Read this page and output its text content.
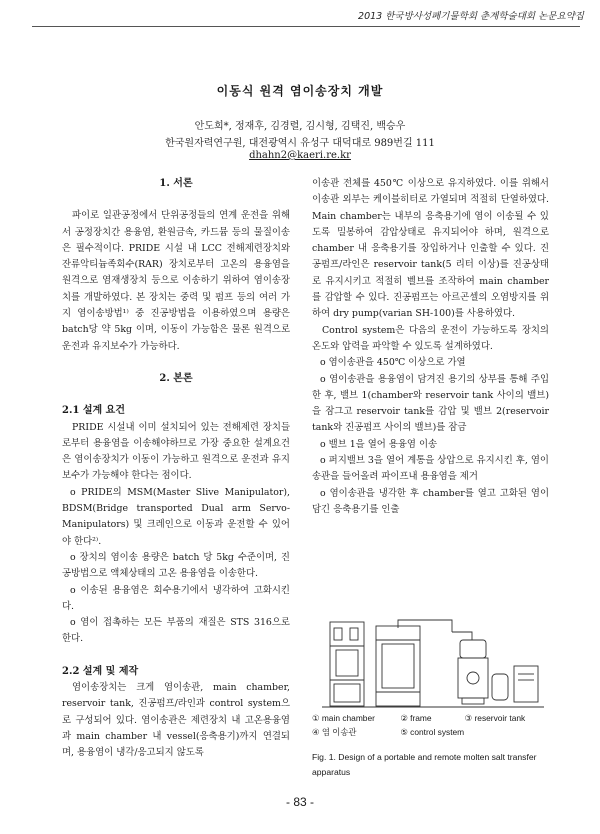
2013 한국방사성폐기물학회 춘계학술대회 논문요약집
이동식 원격 염이송장치 개발
안도희*, 정재후, 김경렬, 김시형, 김택진, 백승우
한국원자력연구원, 대전광역시 유성구 대덕대로 989번길 111
dhahn2@kaeri.re.kr
1. 서론

파이로 일관공정에서 단위공정들의 연계 운전을 위해서 공정장치간 용융염, 환원금속, 카드뮴 등의 물질이송은 필수적이다. PRIDE 시설 내 LCC 전해제련장치와 잔류악티늄족회수(RAR) 장치로부터 고온의 용융염을 원격으로 염재생장치 등으로 이송하기 위하여 염이송장치를 개발하였다. 본 장치는 중력 및 펌프 등의 여러 가지 염이송방법¹⁾ 중 진공방법을 이용하였으며 용량은 batch당 약 5kg 이며, 이동이 가능함은 물론 원격으로 운전과 유지보수가 가능하다.

2. 본론
2.1 설계 요건

PRIDE 시설내 이미 설치되어 있는 전해제련 장치들로부터 용융염을 이송해야하므로 가장 중요한 설계요건은 염이송장치가 이동이 가능하고 원격으로 운전과 유지보수가 가능해야 한다는 점이다.

o PRIDE의 MSM(Master Slive Manipulator), BDSM(Bridge transported Dual arm Servo-Manipulators) 및 크레인으로 이동과 운전할 수 있어야 한다²⁾.

o 장치의 염이송 용량은 batch 당 5kg 수준이며, 진공방법으로 액체상태의 고온 용융염을 이송한다.

o 이송된 용융염은 회수용기에서 냉각하여 고화시킨다.

o 염이 접촉하는 모든 부품의 재질은 STS 316으로 한다.

2.2 설계 및 제작

염이송장치는 크게 염이송관, main chamber, reservoir tank, 진공펌프/라인과 control system으로 구성되어 있다. 염이송관은 제련장치 내 고온용융염과 main chamber 내 vessel(응축용기)까지 연결되며, 용융염이 냉각/응고되지 않도록

이송관 전체를 450℃ 이상으로 유지하였다. 이를 위해서 이송관 외부는 케이블히터로 가열되며 적절히 단열하였다. Main chamber는 내부의 응축용기에 염이 이송될 수 있도록 밀봉하여 감압상태로 유지되어야 하며, 원격으로 chamber 내 응축용기를 장입하거나 인출할 수 있다. 진공펌프/라인은 reservoir tank(5 리터 이상)를 진공상태로 유지시키고 적절히 벨브를 조작하여 main chamber를 감압할 수 있다. 진공펌프는 아르곤셀의 오염방지를 위하여 dry pump(varian SH-100)를 사용하였다.

Control system은 다음의 운전이 가능하도록 장치의 온도와 압력을 파악할 수 있도록 설계하였다.

o 염이송관을 450℃ 이상으로 가열

o 염이송관을 용융염이 담겨진 용기의 상부를 통해 주입한 후, 밸브 1(chamber와 reservoir tank 사이의 밸브)을 잠그고 reservoir tank를 감압 및 밸브 2(reservoir tank와 진공펌프 사이의 밸브)를 잠금

o 밸브 1을 열어 용융염 이송

o 퍼지밸브 3을 열어 계통을 상압으로 유지시킨 후, 염이송관을 들어올려 파이프내 용융염을 제거

o 염이송관을 냉각한 후 chamber를 열고 고화된 염이 담긴 응축용기를 인출

① main chamber	② frame	③ reservoir tank
④ 염 이송관	⑤ control system
Fig. 1. Design of a portable and remote molten salt transfer apparatus
- 83 -
